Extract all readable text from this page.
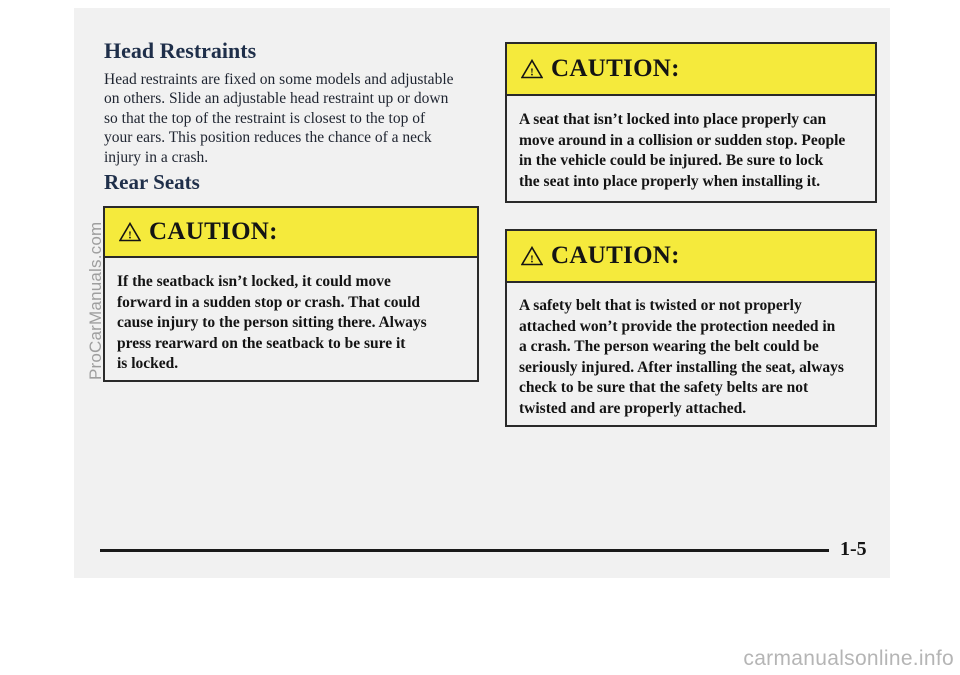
Head Restraints
Head restraints are fixed on some models and adjustable
on others. Slide an adjustable head restraint up or down
so that the top of the restraint is closest to the top of
your ears. This position reduces the chance of a neck
injury in a crash.
Rear Seats
! CAUTION:
If the seatback isn’t locked, it could move
forward in a sudden stop or crash. That could
cause injury to the person sitting there. Always
press rearward on the seatback to be sure it
is locked.
! CAUTION:
A seat that isn’t locked into place properly can
move around in a collision or sudden stop. People
in the vehicle could be injured. Be sure to lock
the seat into place properly when installing it.
! CAUTION:
A safety belt that is twisted or not properly
attached won’t provide the protection needed in
a crash. The person wearing the belt could be
seriously injured. After installing the seat, always
check to be sure that the safety belts are not
twisted and are properly attached.
1-5
ProCarManuals.com
carmanualsonline.info
